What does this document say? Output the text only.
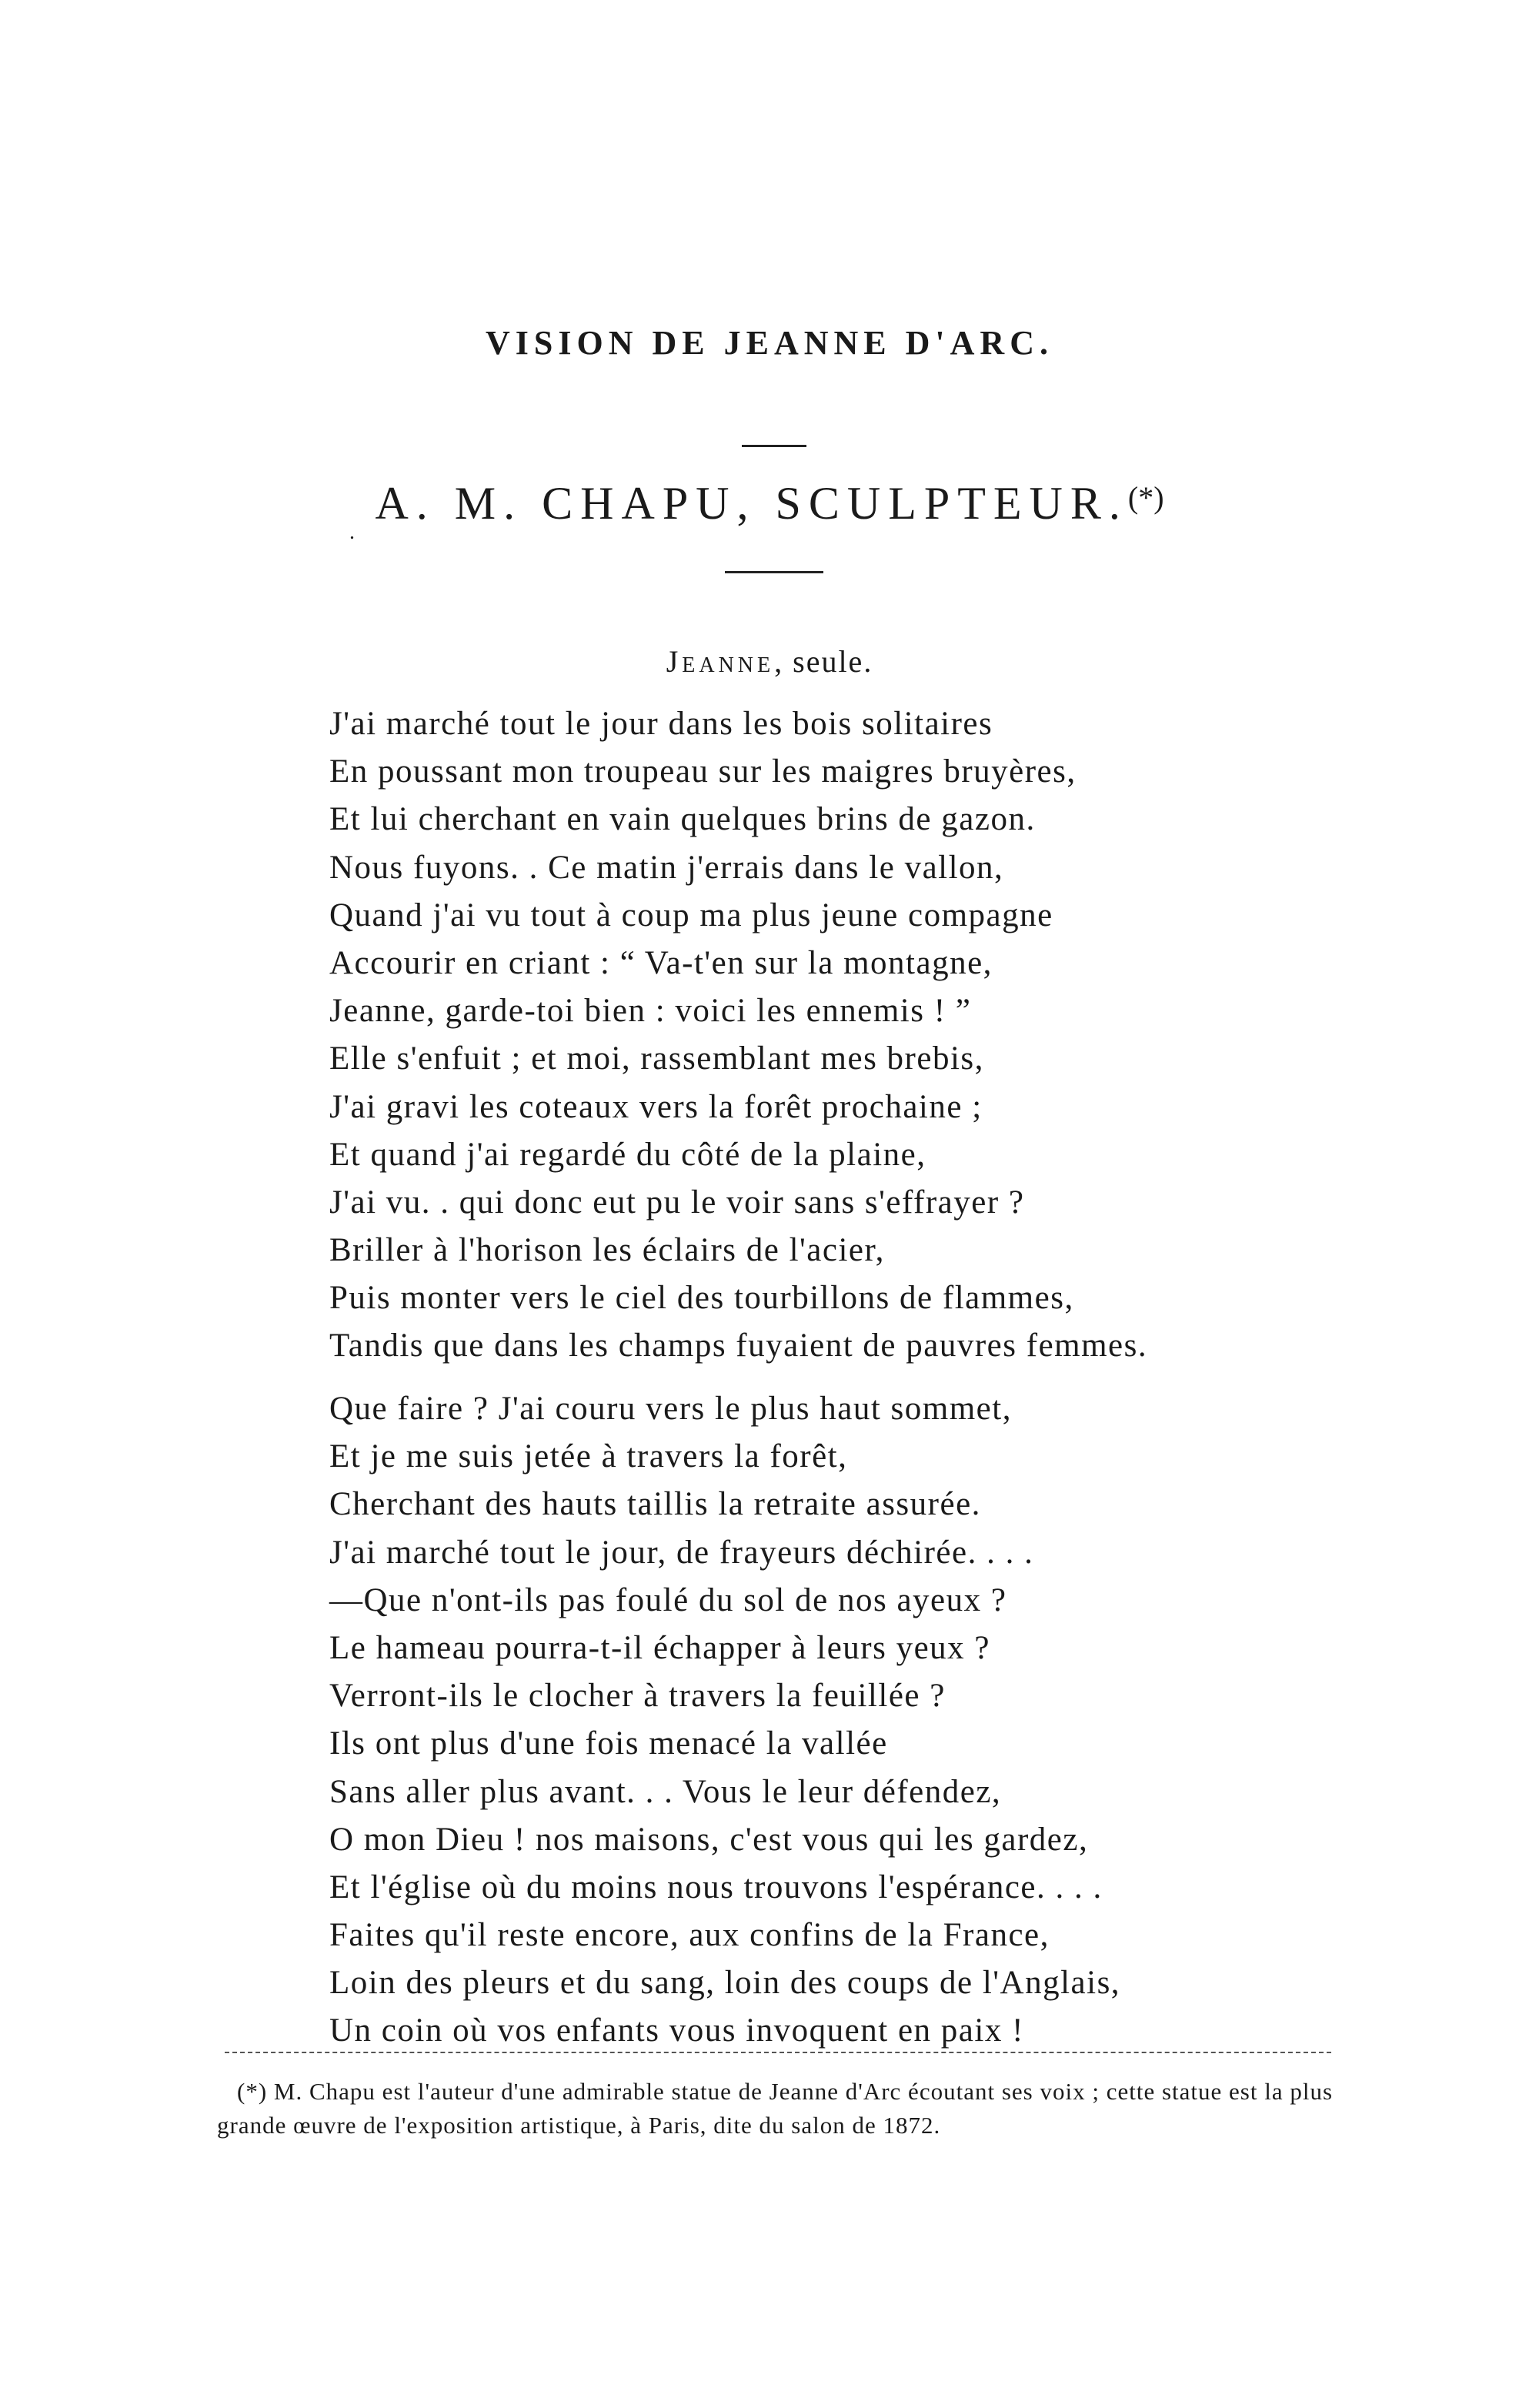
VISION DE JEANNE D'ARC.
.
A. M. CHAPU, SCULPTEUR.(*)
Jeanne, seule.
J'ai marché tout le jour dans les bois solitaires
En poussant mon troupeau sur les maigres bruyères,
Et lui cherchant en vain quelques brins de gazon.
Nous fuyons. . Ce matin j'errais dans le vallon,
Quand j'ai vu tout à coup ma plus jeune compagne
Accourir en criant : “ Va-t'en sur la montagne,
Jeanne, garde-toi bien : voici les ennemis ! ”
Elle s'enfuit ; et moi, rassemblant mes brebis,
J'ai gravi les coteaux vers la forêt prochaine ;
Et quand j'ai regardé du côté de la plaine,
J'ai vu. . qui donc eut pu le voir sans s'effrayer ?
Briller à l'horison les éclairs de l'acier,
Puis monter vers le ciel des tourbillons de flammes,
Tandis que dans les champs fuyaient de pauvres femmes.
Que faire ? J'ai couru vers le plus haut sommet,
Et je me suis jetée à travers la forêt,
Cherchant des hauts taillis la retraite assurée.
J'ai marché tout le jour, de frayeurs déchirée. . . .
—Que n'ont-ils pas foulé du sol de nos ayeux ?
Le hameau pourra-t-il échapper à leurs yeux ?
Verront-ils le clocher à travers la feuillée ?
Ils ont plus d'une fois menacé la vallée
Sans aller plus avant. . . Vous le leur défendez,
O mon Dieu ! nos maisons, c'est vous qui les gardez,
Et l'église où du moins nous trouvons l'espérance. . . .
Faites qu'il reste encore, aux confins de la France,
Loin des pleurs et du sang, loin des coups de l'Anglais,
Un coin où vos enfants vous invoquent en paix !
(*) M. Chapu est l'auteur d'une admirable statue de Jeanne d'Arc écoutant ses voix ; cette statue est la plus grande œuvre de l'exposition artistique, à Paris, dite du salon de 1872.
